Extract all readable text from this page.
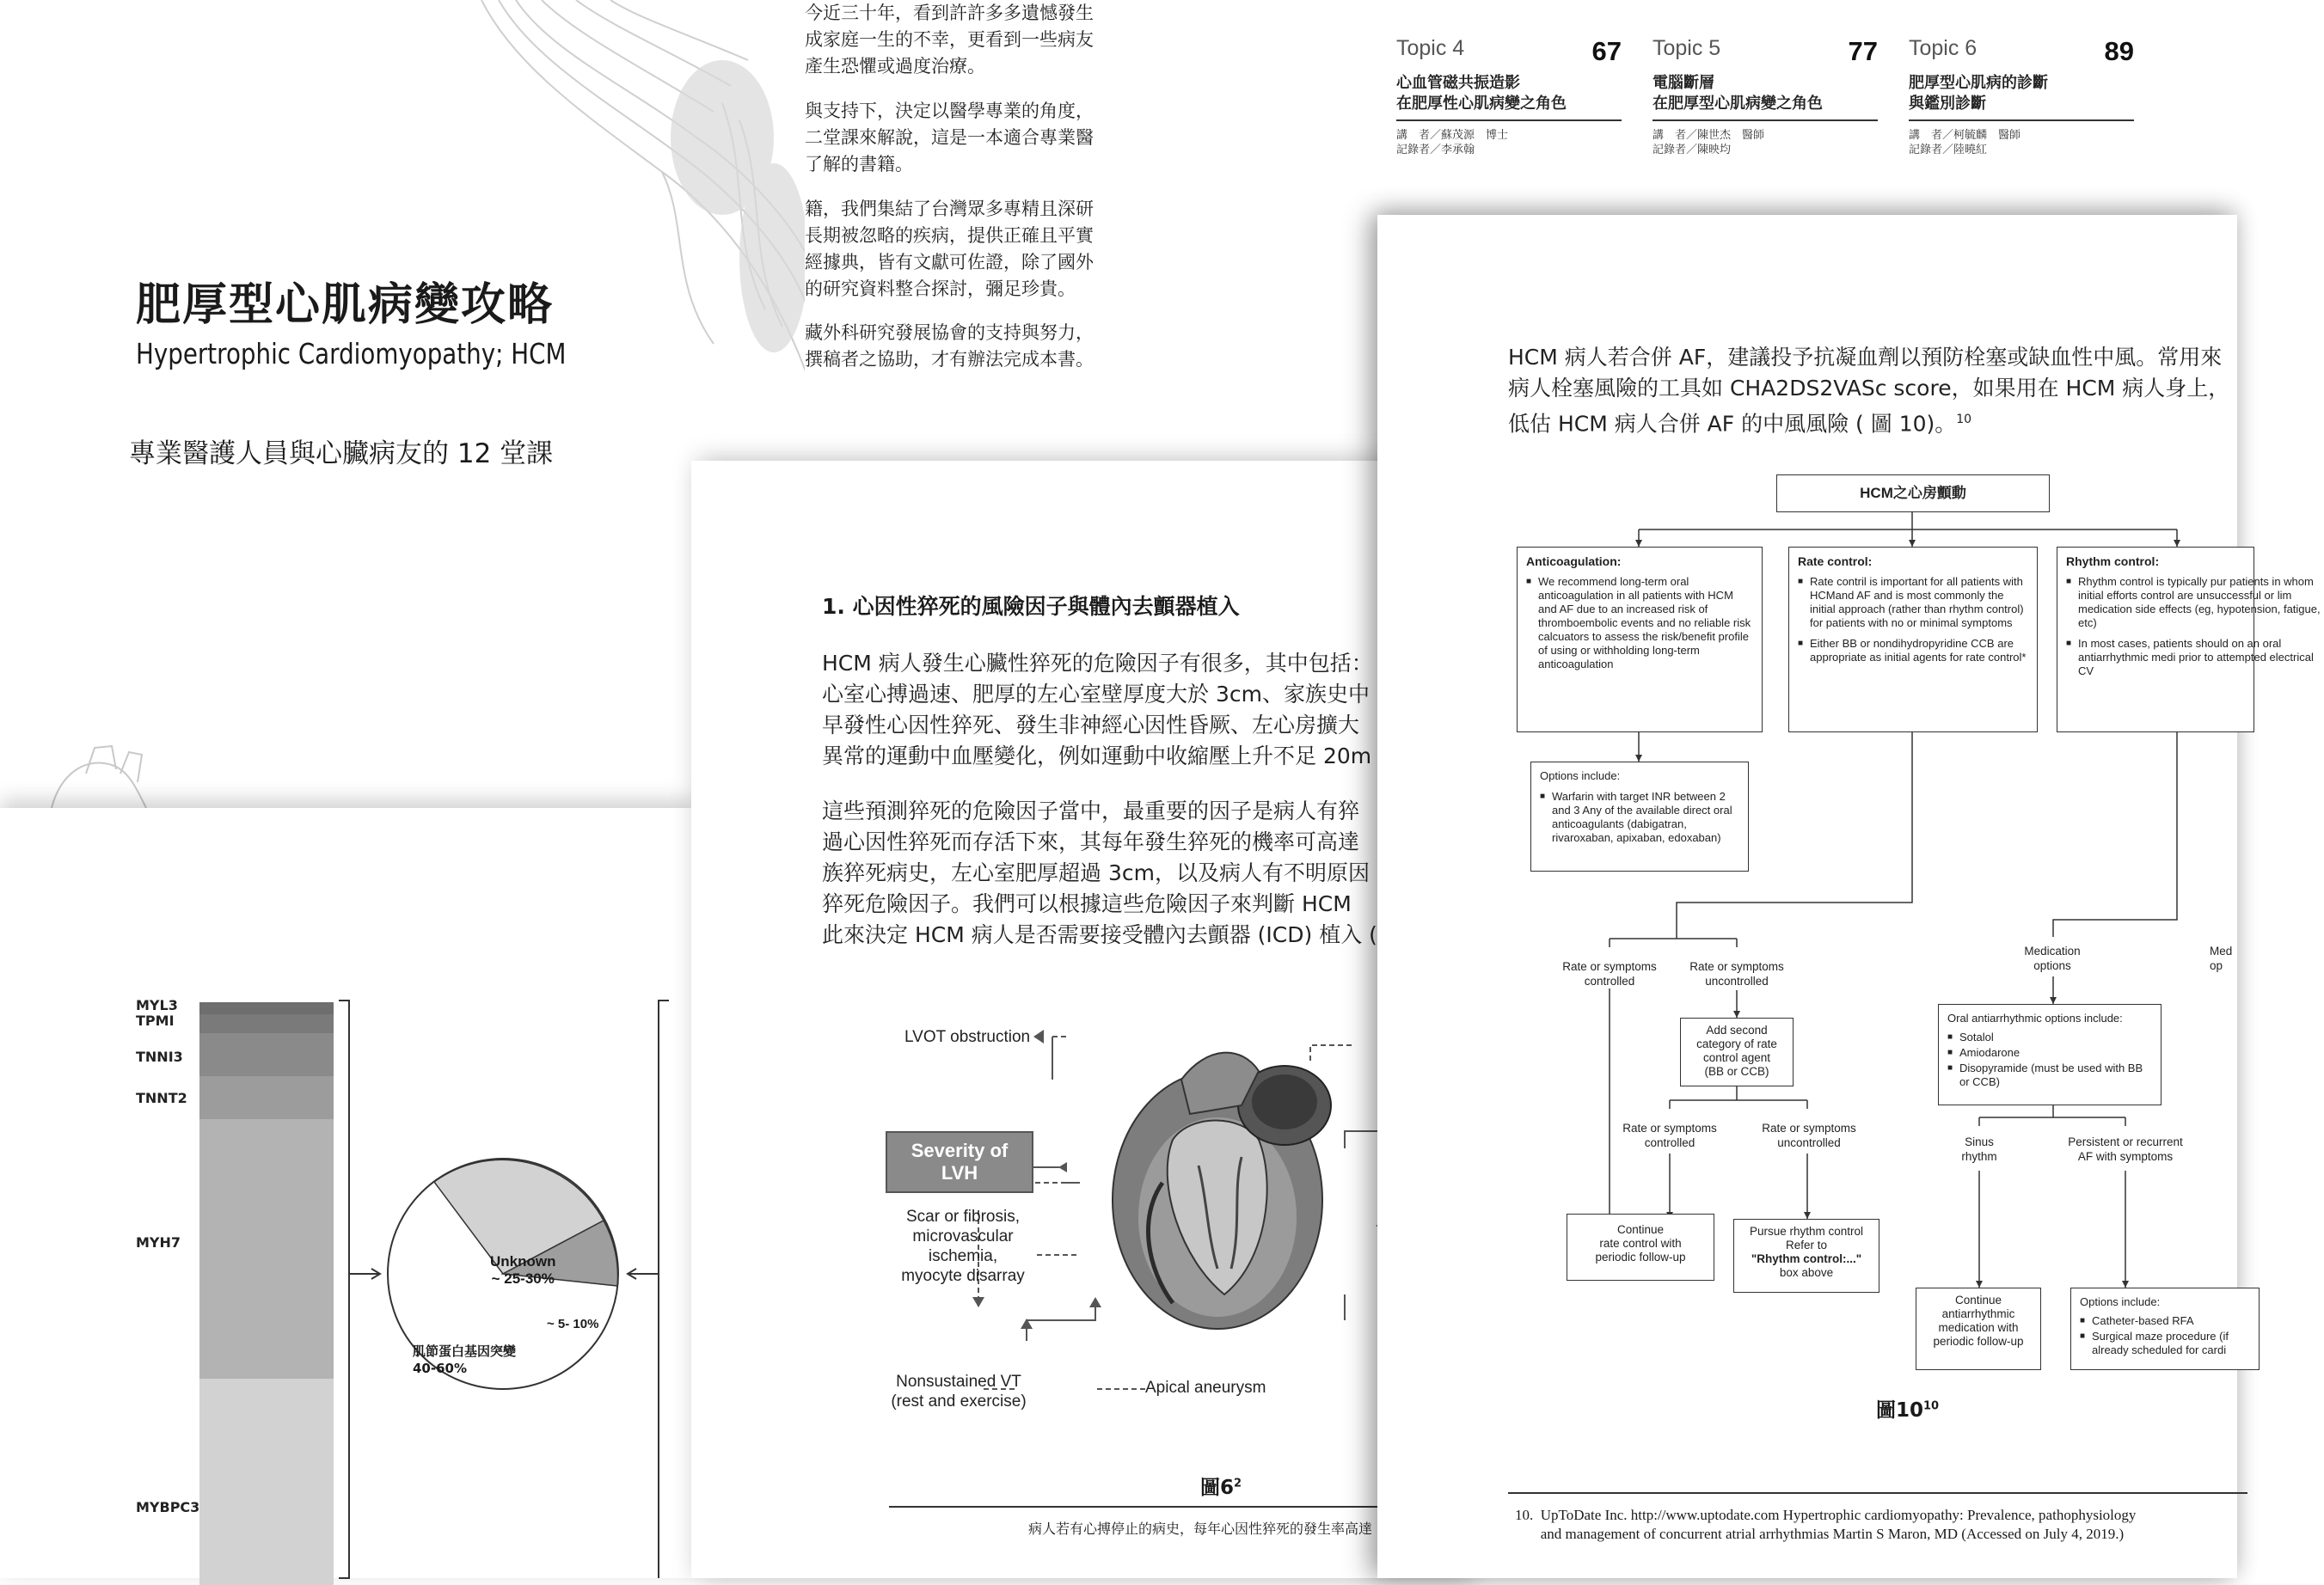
肥厚型心肌病變攻略
Hypertrophic Cardiomyopathy; HCM
專業醫護人員與心臟病友的 12 堂課

今近三十年，看到許許多多遺憾發生
成家庭一生的不幸，更看到一些病友
產生恐懼或過度治療。

與支持下，決定以醫學專業的角度，
二堂課來解說，這是一本適合專業醫
了解的書籍。

籍，我們集結了台灣眾多專精且深研
長期被忽略的疾病，提供正確且平實
經據典，皆有文獻可佐證，除了國外
的研究資料整合探討，彌足珍貴。

藏外科研究發展協會的支持與努力，
撰稿者之協助，才有辦法完成本書。

MYL3
TPMI
TNNI3
TNNT2
MYH7
MYBPC3
Unknown
~ 25-30%
~ 5- 10%
肌節蛋白基因突變
40-60%
1. 心因性猝死的風險因子與體內去顫器植入
HCM 病人發生心臟性猝死的危險因子有很多，其中包括：
心室心搏過速、肥厚的左心室壁厚度大於 3cm、家族史中
早發性心因性猝死、發生非神經心因性昏厥、左心房擴大
異常的運動中血壓變化，例如運動中收縮壓上升不足 20m
這些預測猝死的危險因子當中，最重要的因子是病人有猝
過心因性猝死而存活下來，其每年發生猝死的機率可高達
族猝死病史，左心室肥厚超過 3cm，以及病人有不明原因
猝死危險因子。我們可以根據這些危險因子來判斷 HCM
此來決定 HCM 病人是否需要接受體內去顫器 (ICD) 植入 (
LVOT obstruction
Severity of
LVH
Scar or fibrosis,
microvascular
ischemia,
myocyte disarray
Nonsustained VT
(rest and exercise)
Apical aneurysm
圖$6^2$
病人若有心搏停止的病史，每年心因性猝死的發生率高達
Topic 4	67
心血管磁共振造影
在肥厚性心肌病變之角色
講　者／蘇茂源　博士
記錄者／李承翰
Topic 5	77
電腦斷層
在肥厚型心肌病變之角色
講　者／陳世杰　醫師
記錄者／陳映均
Topic 6	89
肥厚型心肌病的診斷
與鑑別診斷
講　者／柯毓麟　醫師
記錄者／陸曉紅
HCM 病人若合併 AF，建議投予抗凝血劑以預防栓塞或缺血性中風。常用來
病人栓塞風險的工具如 CHA2DS2VASc score，如果用在 HCM 病人身上，
低估 HCM 病人合併 AF 的中風風險 ( 圖 10)。$^{10}$
HCM之心房顫動
Anticoagulation:
■ We recommend long-term oral anticoagulation in all patients with HCM and AF due to an increased risk of thromboembolic events and no reliable risk calcuators to assess the risk/benefit profile of using or withholding long-term anticoagulation
Rate control:
■ Rate contril is important for all patients with HCMand AF and is most commonly the initial approach (rather than rhythm control) for patients with no or minimal symptoms
■ Either BB or nondihydropyridine CCB are appropriate as initial agents for rate control*
Rhythm control:
■ Rhythm control is typically pur patients in whom initial efforts control are unsuccessful or lim medication side effects (eg, hypotension, fatigue, etc)
■ In most cases, patients should on an oral antiarrhythmic medi prior to attempted electrical CV
Options include:
■ Warfarin with target INR between 2 and 3 Any of the available direct oral anticoagulants (dabigatran, rivaroxaban, apixaban, edoxaban)
Rate or symptoms
controlled
Rate or symptoms
uncontrolled
Add second
category of rate
control agent
(BB or CCB)
Rate or symptoms
controlled
Rate or symptoms
uncontrolled
Continue
rate control with
periodic follow-up
Pursue rhythm control
Refer to
"Rhythm control:..."
box above
Medication
options
Med
op
Oral antiarrhythmic options include:
■ Sotalol
■ Amiodarone
■ Disopyramide (must be used with BB or CCB)
Sinus
rhythm
Persistent or recurrent
AF with symptoms
Continue
antiarrhythmic
medication with
periodic follow-up
Options include:
■ Catheter-based RFA
■ Surgical maze procedure (if already scheduled for cardi
圖$10^{10}$
10.  UpToDate Inc. http://www.uptodate.com Hypertrophic cardiomyopathy: Prevalence, pathophysiology
and management of concurrent atrial arrhythmias Martin S Maron, MD (Accessed on July 4, 2019.)
